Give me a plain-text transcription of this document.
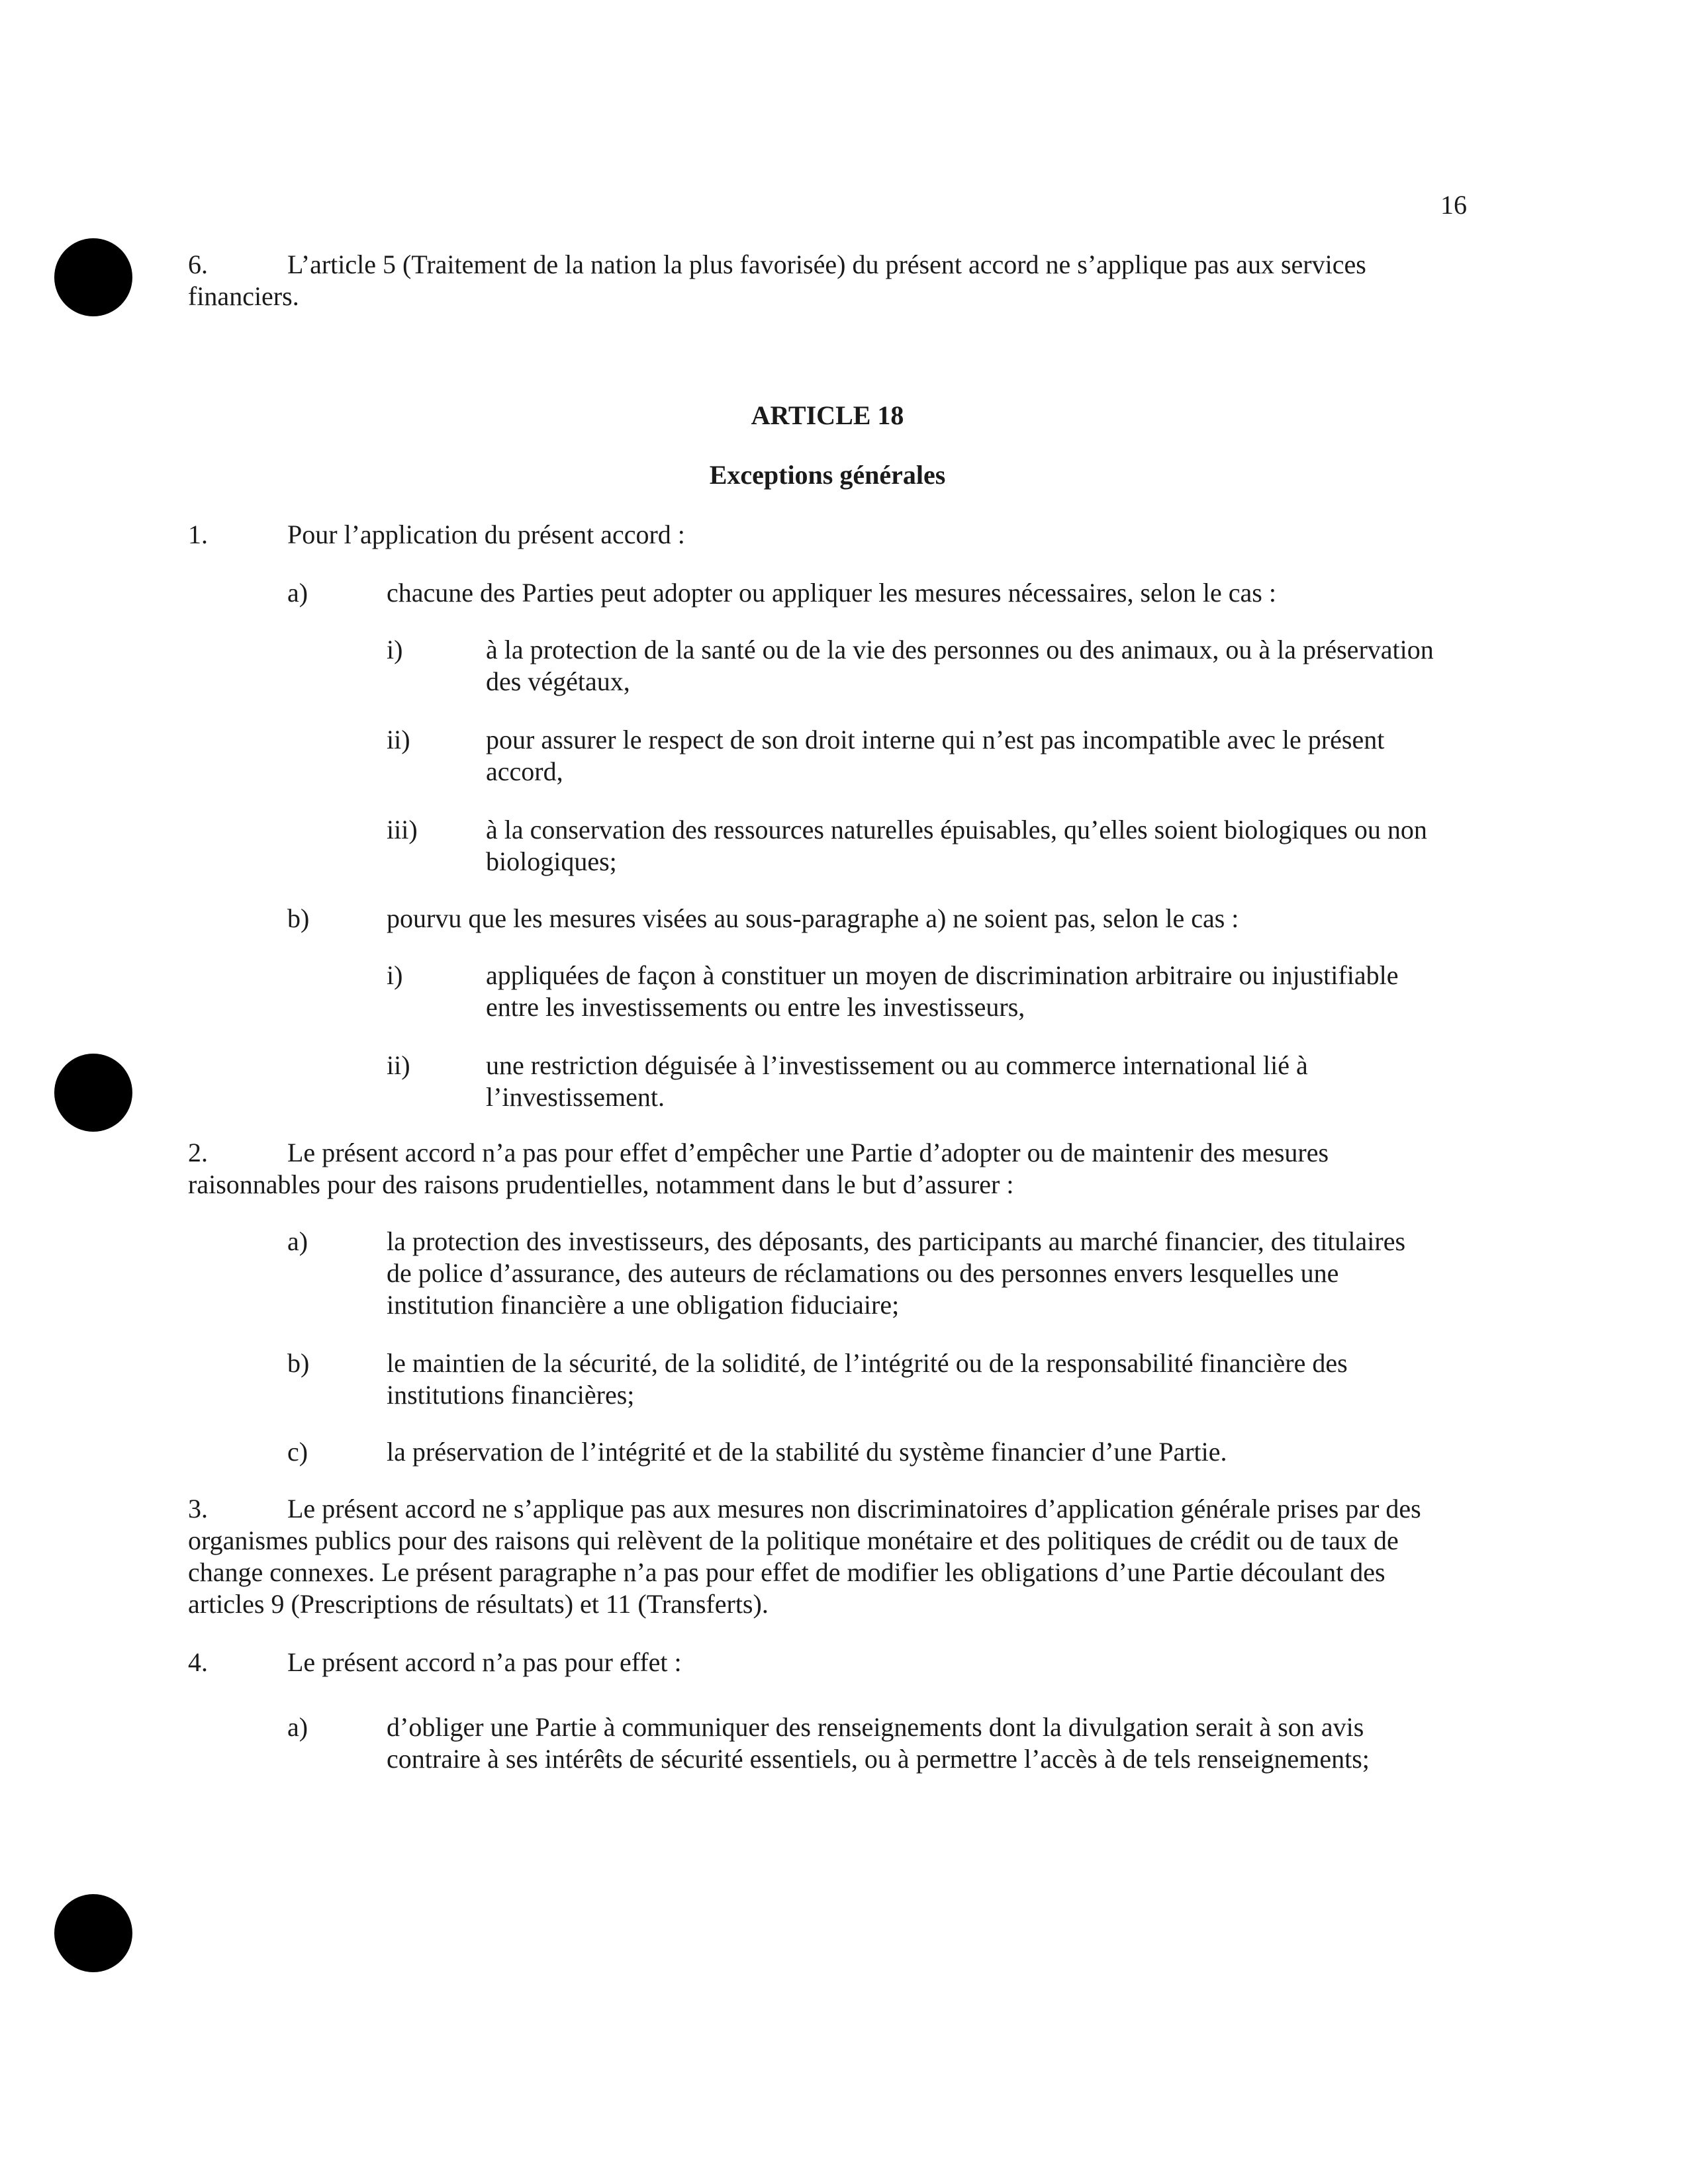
16
6.	L’article 5 (Traitement de la nation la plus favorisée) du présent accord ne s’applique pas aux services
financiers.
ARTICLE 18
Exceptions générales
1.	Pour l’application du présent accord :
a)	chacune des Parties peut adopter ou appliquer les mesures nécessaires, selon le cas :
i)	à la protection de la santé ou de la vie des personnes ou des animaux, ou à la préservation
des végétaux,
ii)	pour assurer le respect de son droit interne qui n’est pas incompatible avec le présent
accord,
iii)	à la conservation des ressources naturelles épuisables, qu’elles soient biologiques ou non
biologiques;
b)	pourvu que les mesures visées au sous-paragraphe a) ne soient pas, selon le cas :
i)	appliquées de façon à constituer un moyen de discrimination arbitraire ou injustifiable
entre les investissements ou entre les investisseurs,
ii)	une restriction déguisée à l’investissement ou au commerce international lié à
l’investissement.
2.	Le présent accord n’a pas pour effet d’empêcher une Partie d’adopter ou de maintenir des mesures
raisonnables pour des raisons prudentielles, notamment dans le but d’assurer :
a)	la protection des investisseurs, des déposants, des participants au marché financier, des titulaires
de police d’assurance, des auteurs de réclamations ou des personnes envers lesquelles une
institution financière a une obligation fiduciaire;
b)	le maintien de la sécurité, de la solidité, de l’intégrité ou de la responsabilité financière des
institutions financières;
c)	la préservation de l’intégrité et de la stabilité du système financier d’une Partie.
3.	Le présent accord ne s’applique pas aux mesures non discriminatoires d’application générale prises par des
organismes publics pour des raisons qui relèvent de la politique monétaire et des politiques de crédit ou de taux de
change connexes. Le présent paragraphe n’a pas pour effet de modifier les obligations d’une Partie découlant des
articles 9 (Prescriptions de résultats) et 11 (Transferts).
4.	Le présent accord n’a pas pour effet :
a)	d’obliger une Partie à communiquer des renseignements dont la divulgation serait à son avis
contraire à ses intérêts de sécurité essentiels, ou à permettre l’accès à de tels renseignements;
